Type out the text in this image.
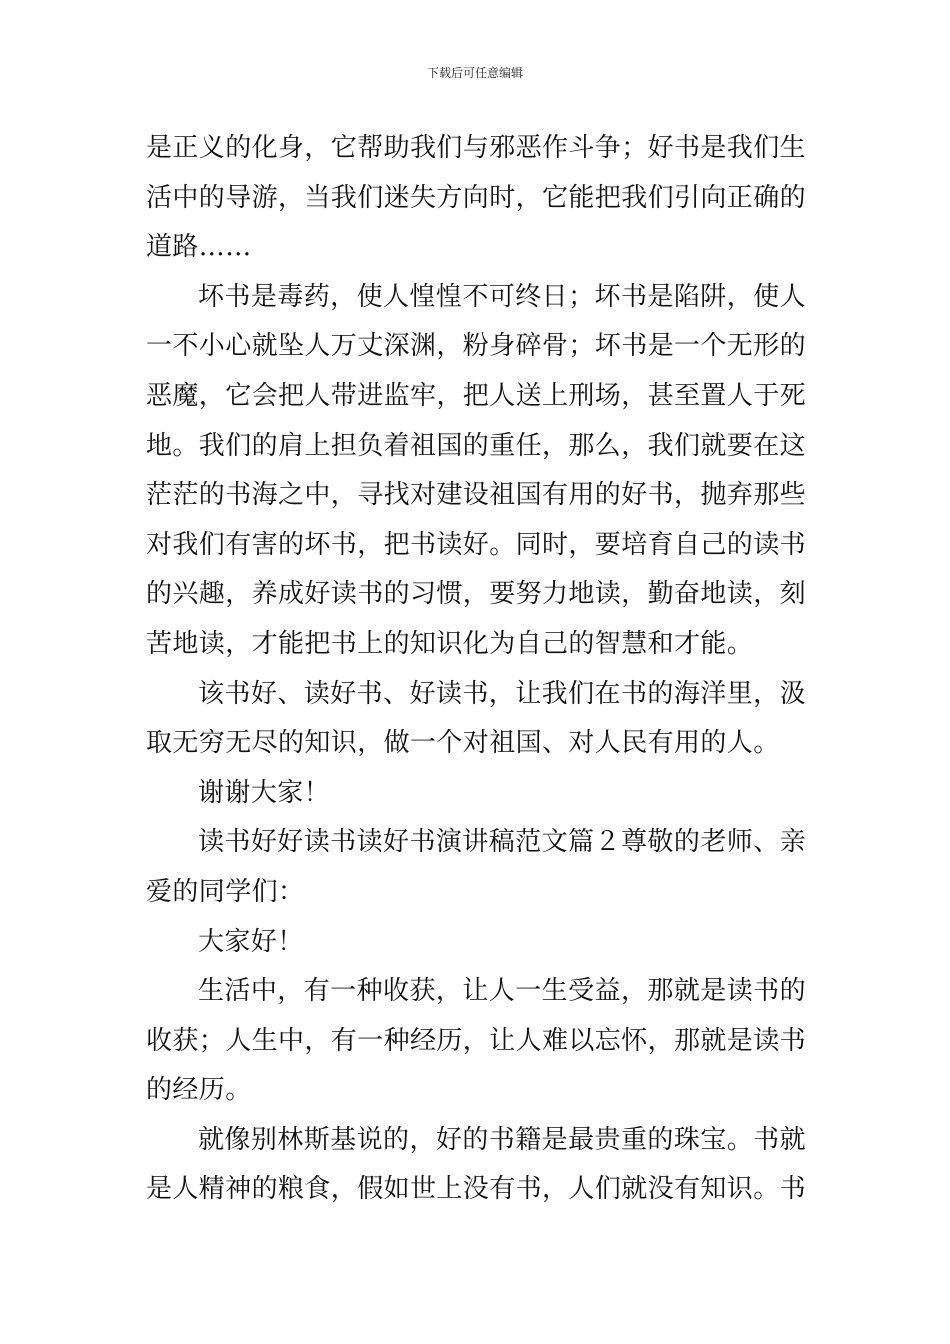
下载后可任意编辑

是正义的化身，它帮助我们与邪恶作斗争；好书是我们生活中的导游，当我们迷失方向时，它能把我们引向正确的道路……

坏书是毒药，使人惶惶不可终日；坏书是陷阱，使人一不小心就坠人万丈深渊，粉身碎骨；坏书是一个无形的恶魔，它会把人带进监牢，把人送上刑场，甚至置人于死地。我们的肩上担负着祖国的重任，那么，我们就要在这茫茫的书海之中，寻找对建设祖国有用的好书，抛弃那些对我们有害的坏书，把书读好。同时，要培育自己的读书的兴趣，养成好读书的习惯，要努力地读，勤奋地读，刻苦地读，才能把书上的知识化为自己的智慧和才能。

该书好、读好书、好读书，让我们在书的海洋里，汲取无穷无尽的知识，做一个对祖国、对人民有用的人。

谢谢大家！

读书好好读书读好书演讲稿范文篇２尊敬的老师、亲爱的同学们：

大家好！

生活中，有一种收获，让人一生受益，那就是读书的收获；人生中，有一种经历，让人难以忘怀，那就是读书的经历。

就像别林斯基说的，好的书籍是最贵重的珠宝。书就是人精神的粮食，假如世上没有书，人们就没有知识。书
